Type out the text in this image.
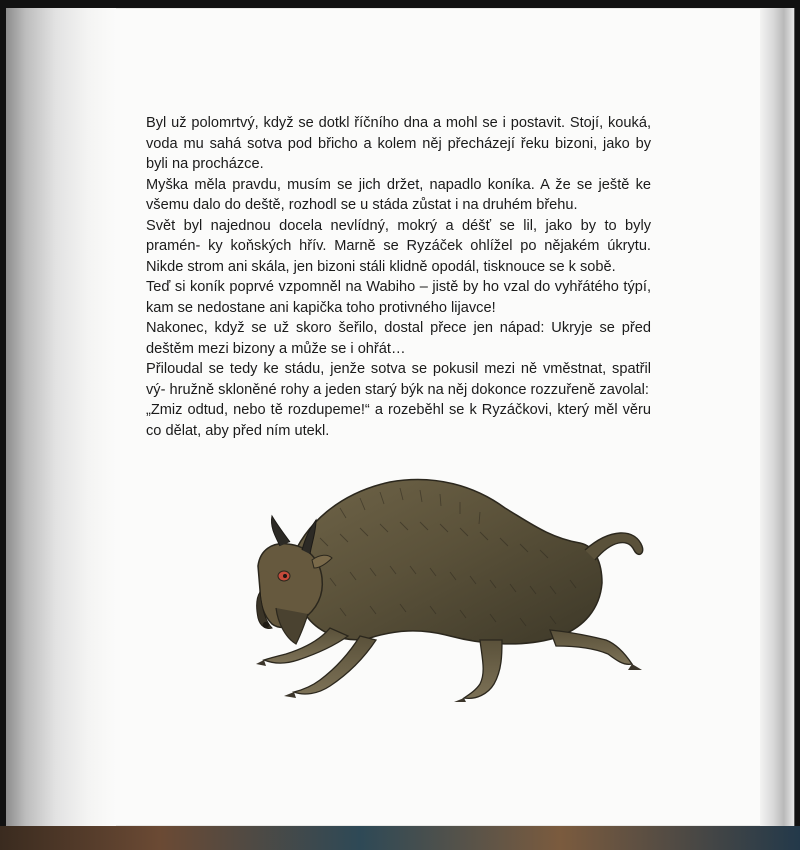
Byl už polomrtvý, když se dotkl říčního dna a mohl se i postavit. Stojí, kouká, voda mu sahá sotva pod břicho a kolem něj přecházejí řeku bizoni, jako by byli na procházce.

Myška měla pravdu, musím se jich držet, napadlo koníka. A že se ještě ke všemu dalo do deště, rozhodl se u stáda zůstat i na druhém břehu.

Svět byl najednou docela nevlídný, mokrý a déšť se lil, jako by to byly pramén- ky koňských hřív. Marně se Ryzáček ohlížel po nějakém úkrytu. Nikde strom ani skála, jen bizoni stáli klidně opodál, tisknouce se k sobě.

Teď si koník poprvé vzpomněl na Wabiho – jistě by ho vzal do vyhřátého týpí, kam se nedostane ani kapička toho protivného lijavce!

Nakonec, když se už skoro šeřilo, dostal přece jen nápad: Ukryje se před deštěm mezi bizony a může se i ohřát…

Přiloudal se tedy ke stádu, jenže sotva se pokusil mezi ně vměstnat, spatřil vý- hružně skloněné rohy a jeden starý býk na něj dokonce rozzuřeně zavolal:

„Zmiz odtud, nebo tě rozdupeme!“ a rozeběhl se k Ryzáčkovi, který měl věru co dělat, aby před ním utekl.
